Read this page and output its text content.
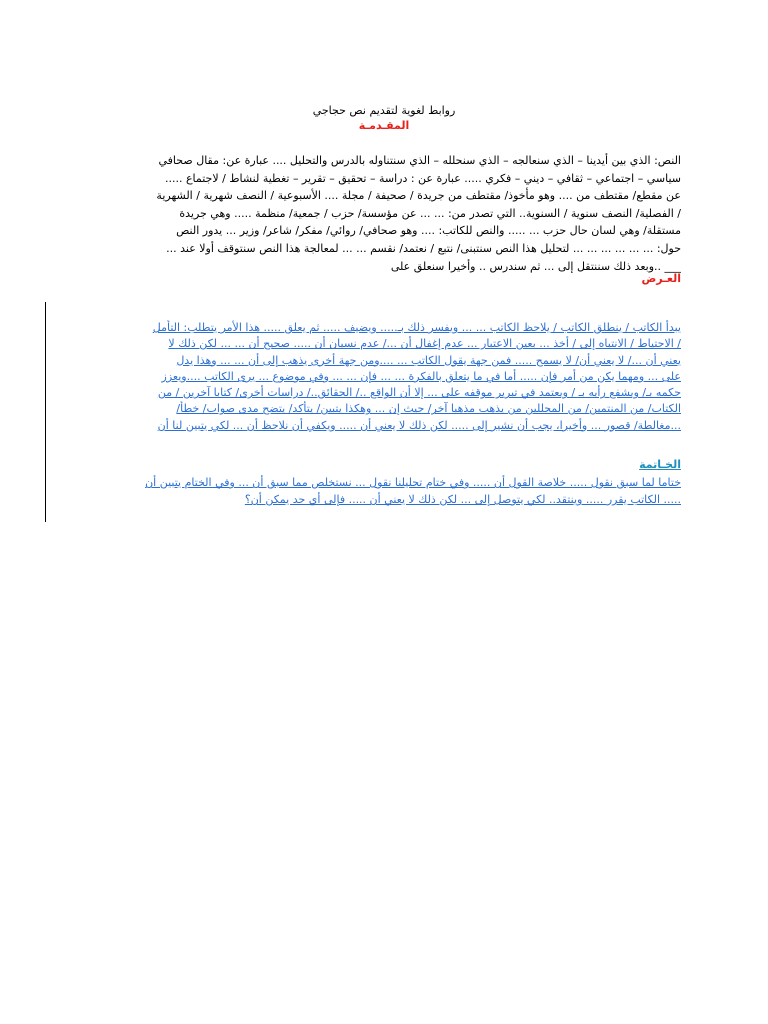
روابط لغوية لتقديم نص حجاجي
المقـدمـة
النص: الذي بين أيدينا – الذي سنعالجه – الذي سنحلله – الذي سنتناوله بالدرس والتحليل .... عبارة عن: مقال صحافي
سياسي – اجتماعي – ثقافي – ديني – فكري ..... عبارة عن : دراسة – تحقيق – تقرير – تغطية لنشاط / لاجتماع .....
عن مقطع/ مقتطف من .... وهو مأخوذ/ مقتطف من جريدة / صحيفة / مجلة .... الأسبوعية / النصف شهرية / الشهرية
/ الفصلية/ النصف سنوية / السنوية.. التي تصدر من: ... ... عن مؤسسة/ حزب / جمعية/ منظمة ..... وهي جريدة
مستقلة/ وهي لسان حال حزب ... ..... والنص للكاتب: .... وهو صحافي/ روائي/ مفكر/ شاعر/ وزير ... يدور النص
حول: ... ... ... ... ... ... لتحليل هذا النص سنتبنى/ نتبع / نعتمد/ نقسم ... ... لمعالجة هذا النص سنتوقف أولا عند ...
___ ..وبعد ذلك سننتقل إلى ... ثم سندرس .. وأخيرا سنعلق على
العـرض
يبدأ الكاتب / ينطلق الكاتب / يلاحظ الكاتب ... ... ويفسر ذلك بـ..... ويضيف ..... ثم يعلق ..... هذا الأمر يتطلب: التأمل
/ الاحتياط / الانتباه إلى / أخذ ... بعين الاعتبار ... عدم إغفال أن .../ عدم نسيان أن ..... صحيح أن ... ... لكن ذلك لا
يعني أن .../ لا يعني أن/ لا يسمح ..... فمن جهة يقول الكاتب ... ....ومن جهة أخرى يذهب إلى أن ... ... وهذا يدل
على ... ومهما يكن من أمر فإن ..... أما في ما يتعلق بالفكرة ... ... فإن ... ... وفي موضوع ... يرى الكاتب ....ويعزز
حكمه بـ/ ويشفع رأيه بـ / ويعتمد في تبرير موقفه على ... إلا أن الواقع ../ الحقائق../ دراسات أخرى/ كتابا آخرين / من
الكتاب/ من المنتمين/ من المحللين من يذهب مذهبا آخر/ حيث إن ... وهكذا يتبين/ يتأكد/ يتضح مدى صواب/ خطأ/
...مغالطة/ قصور ... وأخيرا، يجب أن نشير إلى ..... لكن ذلك لا يعني أن ..... ويكفي أن نلاحظ أن ... لكي يتبين لنا أن
الخـاتمة
ختاما لما سبق نقول ..... خلاصة القول أن ..... وفي ختام تحليلنا نقول ... نستخلص مما سبق أن ... وفي الختام يتبين أن
..... الكاتب يقرر ..... وينتقد.. لكي يتوصل إلى ... لكن ذلك لا يعني أن ..... فإلى أي حد يمكن أن؟
